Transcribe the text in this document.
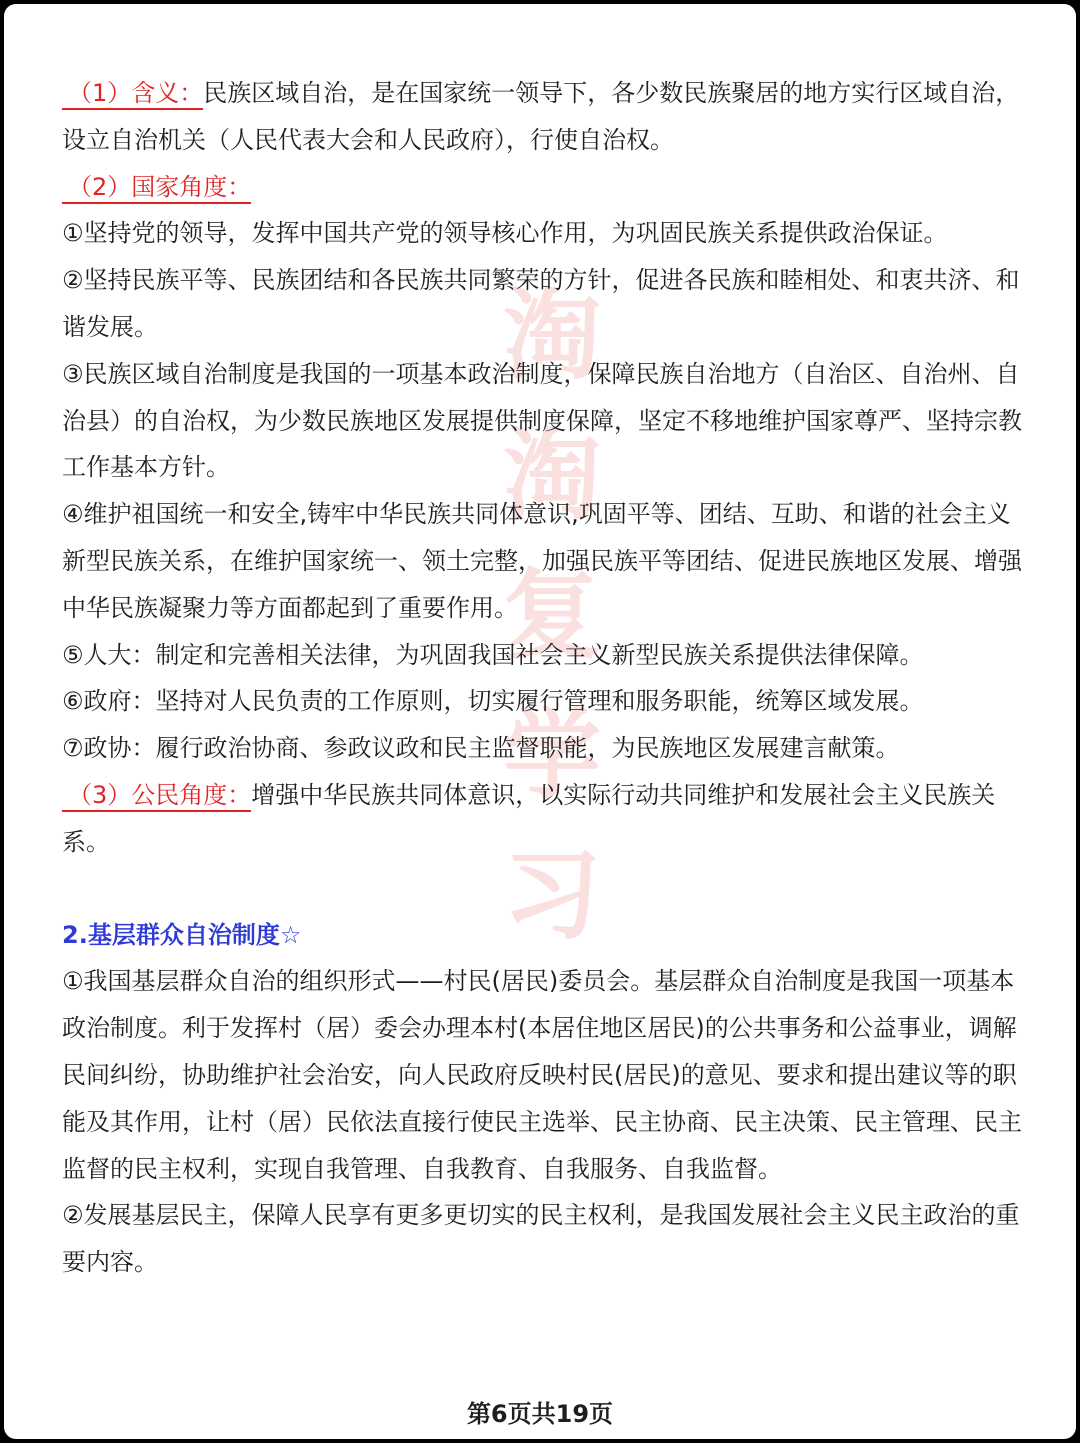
淘
淘
复
学
习

（1）含义：民族区域自治，是在国家统一领导下，各少数民族聚居的地方实行区域自治，设立自治机关（人民代表大会和人民政府），行使自治权。

（2）国家角度：

①坚持党的领导，发挥中国共产党的领导核心作用，为巩固民族关系提供政治保证。

②坚持民族平等、民族团结和各民族共同繁荣的方针，促进各民族和睦相处、和衷共济、和谐发展。

③民族区域自治制度是我国的一项基本政治制度，保障民族自治地方（自治区、自治州、自治县）的自治权，为少数民族地区发展提供制度保障，坚定不移地维护国家尊严、坚持宗教工作基本方针。

④维护祖国统一和安全,铸牢中华民族共同体意识,巩固平等、团结、互助、和谐的社会主义新型民族关系，在维护国家统一、领土完整，加强民族平等团结、促进民族地区发展、增强中华民族凝聚力等方面都起到了重要作用。

⑤人大：制定和完善相关法律，为巩固我国社会主义新型民族关系提供法律保障。

⑥政府：坚持对人民负责的工作原则，切实履行管理和服务职能，统筹区域发展。

⑦政协：履行政治协商、参政议政和民主监督职能，为民族地区发展建言献策。

（3）公民角度：增强中华民族共同体意识，以实际行动共同维护和发展社会主义民族关系。

2.基层群众自治制度☆

①我国基层群众自治的组织形式——村民(居民)委员会。基层群众自治制度是我国一项基本政治制度。利于发挥村（居）委会办理本村(本居住地区居民)的公共事务和公益事业，调解民间纠纷，协助维护社会治安，向人民政府反映村民(居民)的意见、要求和提出建议等的职能及其作用，让村（居）民依法直接行使民主选举、民主协商、民主决策、民主管理、民主监督的民主权利，实现自我管理、自我教育、自我服务、自我监督。

②发展基层民主，保障人民享有更多更切实的民主权利，是我国发展社会主义民主政治的重要内容。

第6页共19页
